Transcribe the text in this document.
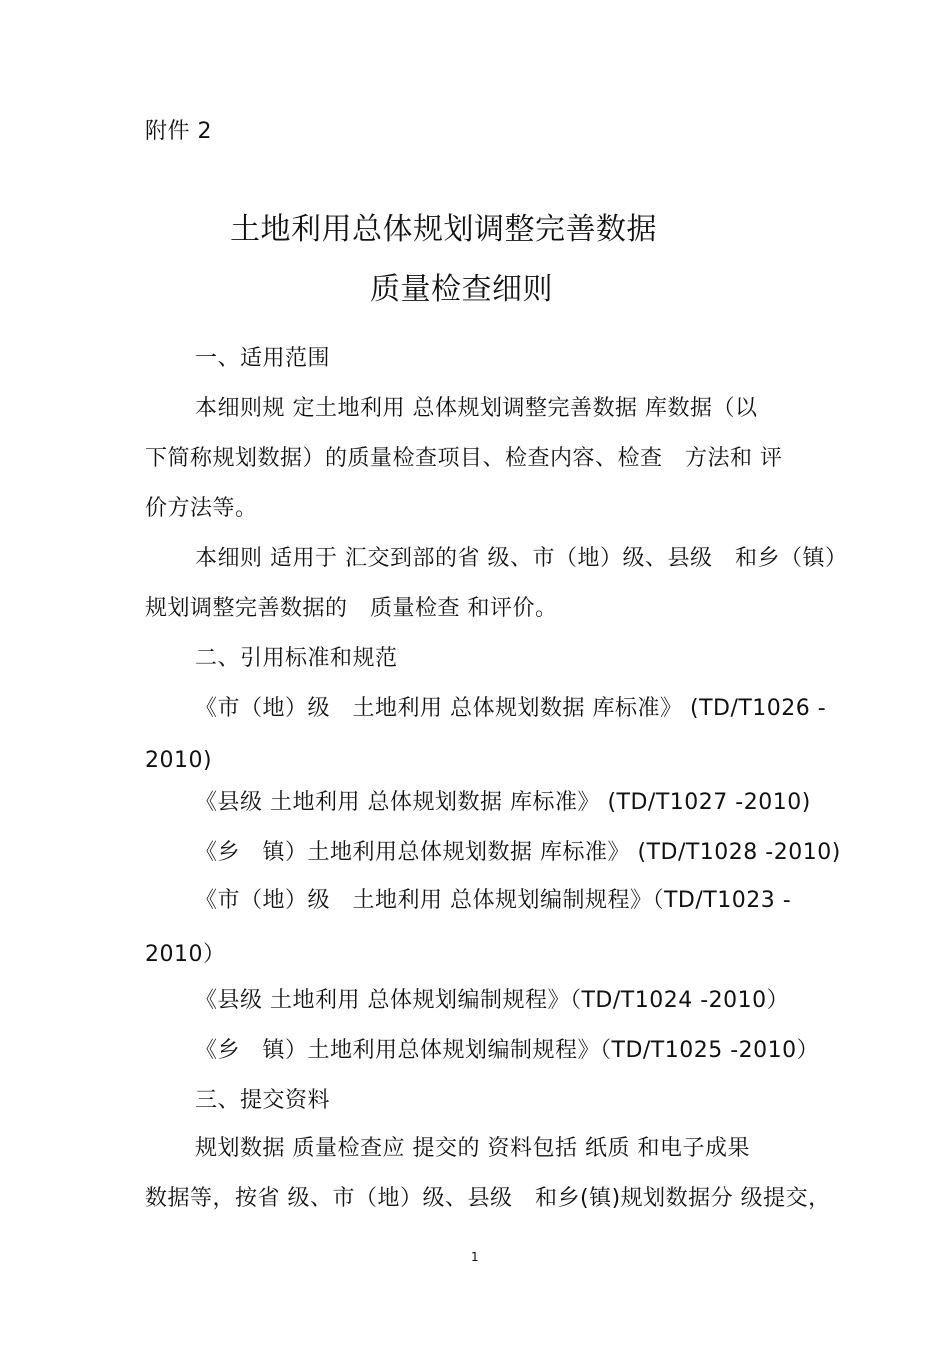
附件 2
土地利用总体规划调整完善数据
质量检查细则
一、适用范围
本细则规 定土地利用 总体规划调整完善数据 库数据（以
下简称规划数据）的质量检查项目、检查内容、检查　方法和 评
价方法等。
本细则 适用于 汇交到部的省 级、市（地）级、县级　和乡（镇）
规划调整完善数据的　质量检查 和评价。
二、引用标准和规范
《市（地）级　土地利用 总体规划数据 库标准》 (TD/T1026 -
2010)
《县级 土地利用 总体规划数据 库标准》 (TD/T1027 -2010)
《乡　镇）土地利用总体规划数据 库标准》 (TD/T1028 -2010)
《市（地）级　土地利用 总体规划编制规程》（TD/T1023 -
2010）
《县级 土地利用 总体规划编制规程》（TD/T1024 -2010）
《乡　镇）土地利用总体规划编制规程》（TD/T1025 -2010）
三、提交资料
规划数据 质量检查应 提交的 资料包括 纸质 和电子成果
数据等，按省 级、市（地）级、县级　和乡(镇)规划数据分 级提交，
1
